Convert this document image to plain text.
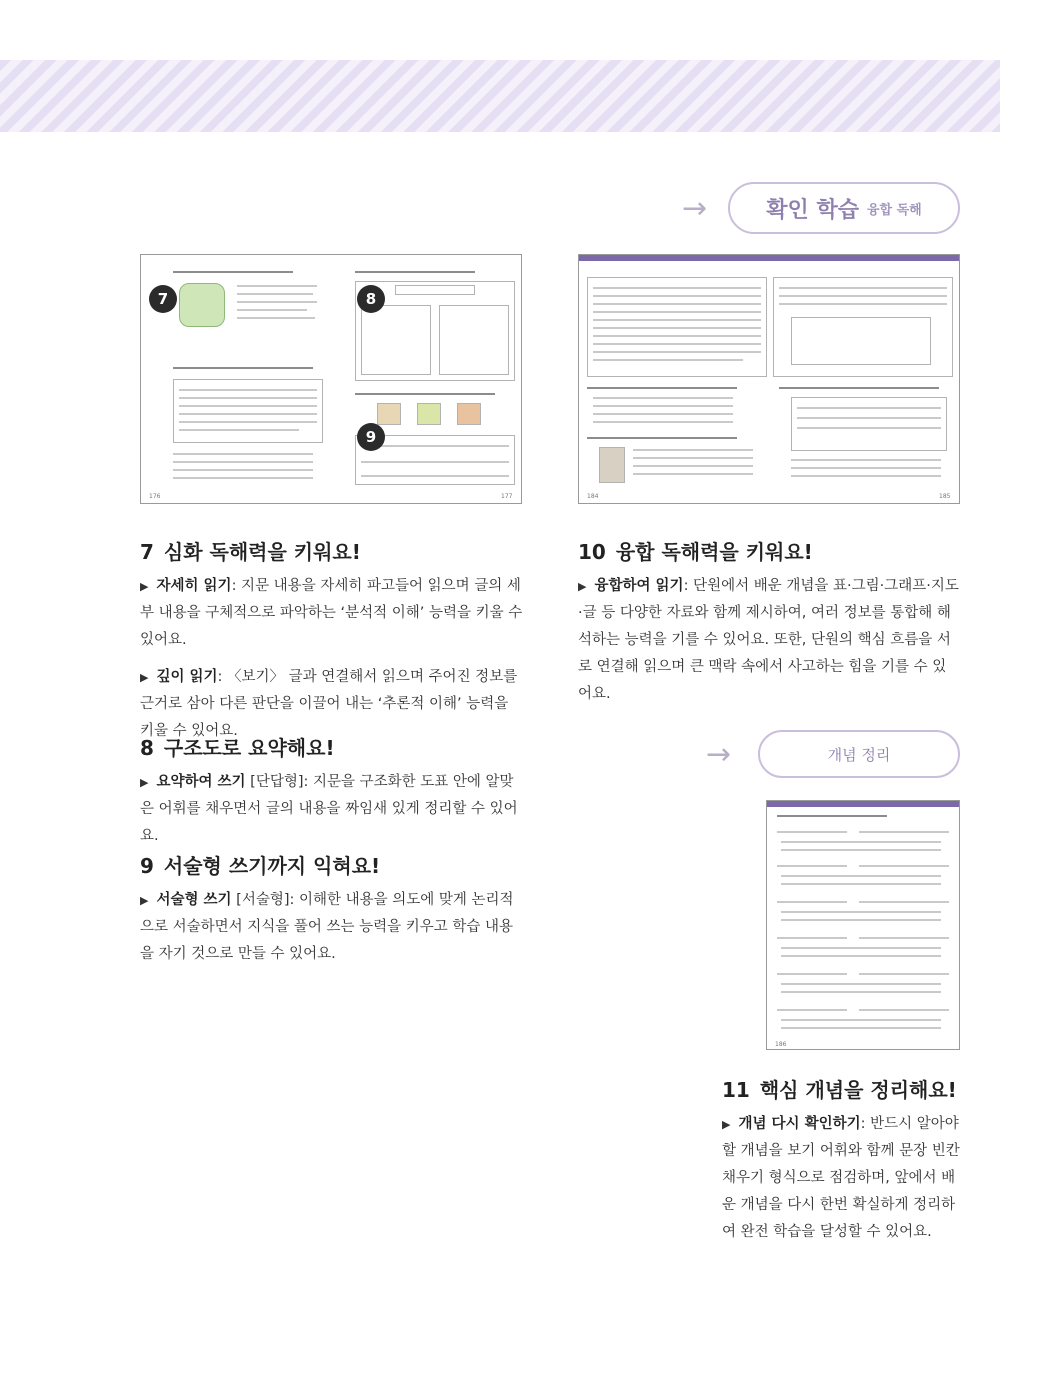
→	확인 학습 융합 독해
176
7
177
8
9
184	185
→	개념 정리
186
7 심화 독해력을 키워요!

▶ 자세히 읽기: 지문 내용을 자세히 파고들어 읽으며 글의 세부 내용을 구체적으로 파악하는 ‘분석적 이해’ 능력을 키울 수 있어요.

▶ 깊이 읽기: 〈보기〉 글과 연결해서 읽으며 주어진 정보를 근거로 삼아 다른 판단을 이끌어 내는 ‘추론적 이해’ 능력을 키울 수 있어요.

8 구조도로 요약해요!

▶ 요약하여 쓰기 [단답형]: 지문을 구조화한 도표 안에 알맞은 어휘를 채우면서 글의 내용을 짜임새 있게 정리할 수 있어요.

9 서술형 쓰기까지 익혀요!

▶ 서술형 쓰기 [서술형]: 이해한 내용을 의도에 맞게 논리적으로 서술하면서 지식을 풀어 쓰는 능력을 키우고 학습 내용을 자기 것으로 만들 수 있어요.

10 융합 독해력을 키워요!

▶ 융합하여 읽기: 단원에서 배운 개념을 표·그림·그래프·지도·글 등 다양한 자료와 함께 제시하여, 여러 정보를 통합해 해석하는 능력을 기를 수 있어요. 또한, 단원의 핵심 흐름을 서로 연결해 읽으며 큰 맥락 속에서 사고하는 힘을 기를 수 있어요.

11 핵심 개념을 정리해요!

▶ 개념 다시 확인하기: 반드시 알아야 할 개념을 보기 어휘와 함께 문장 빈칸 채우기 형식으로 점검하며, 앞에서 배운 개념을 다시 한번 확실하게 정리하여 완전 학습을 달성할 수 있어요.
